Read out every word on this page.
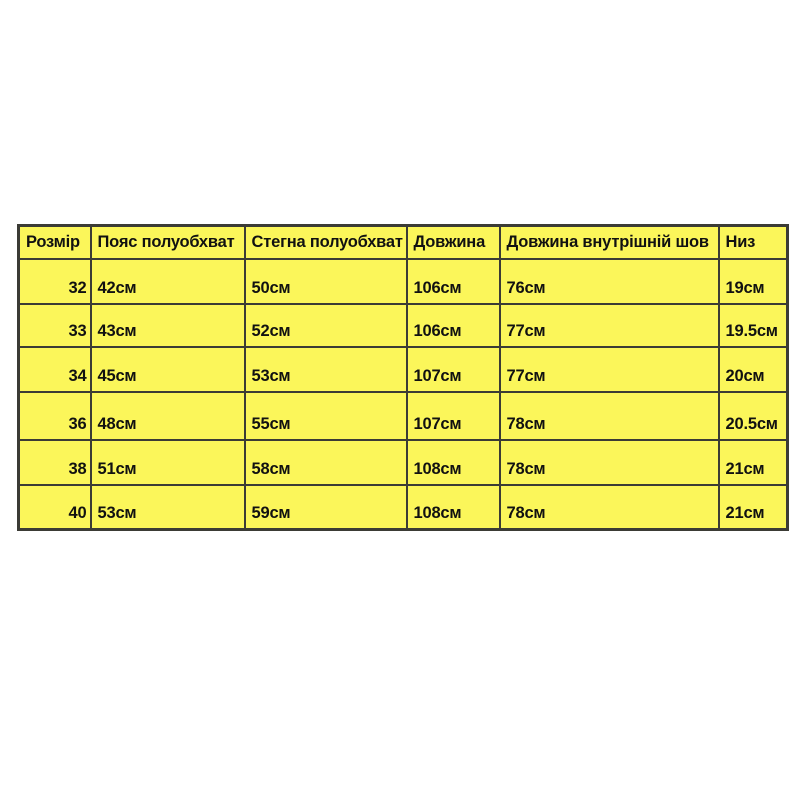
Розмір	Пояс полуобхват	Стегна полуобхват	Довжина	Довжина внутрішній шов	Низ
32	42см	50см	106см	76см	19см
33	43см	52см	106см	77см	19.5см
34	45см	53см	107см	77см	20см
36	48см	55см	107см	78см	20.5см
38	51см	58см	108см	78см	21см
40	53см	59см	108см	78см	21см
